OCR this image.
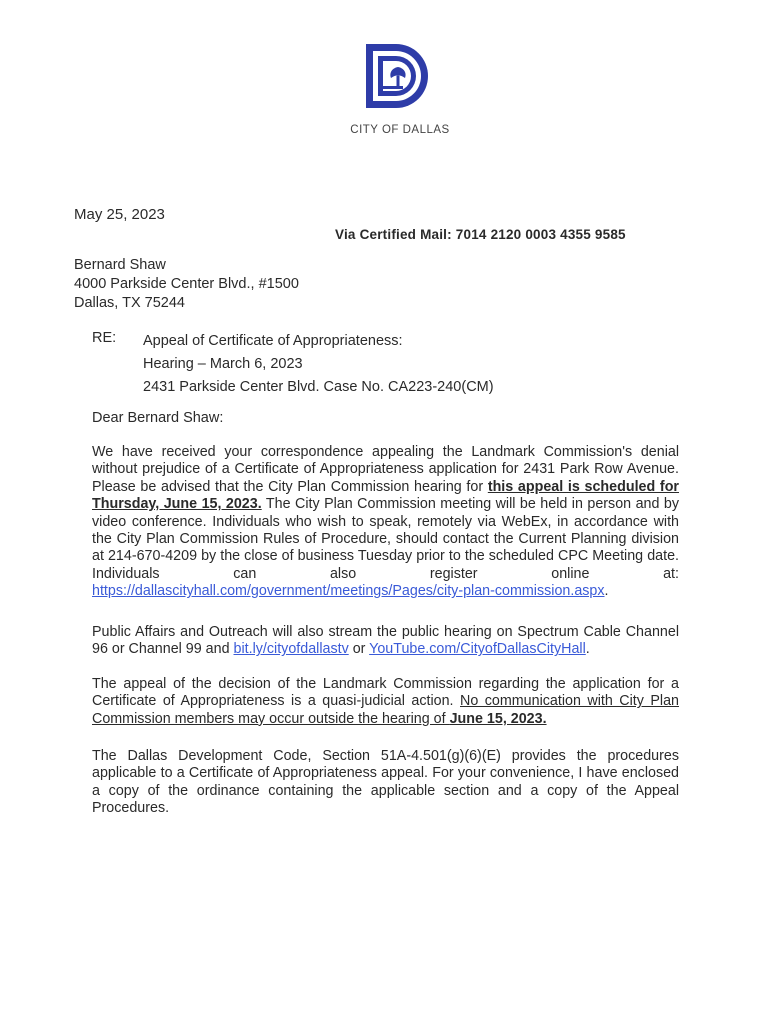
CITY OF DALLAS
May 25, 2023
Via Certified Mail: 7014 2120 0003 4355 9585
Bernard Shaw
4000 Parkside Center Blvd., #1500
Dallas, TX 75244
RE: Appeal of Certificate of Appropriateness:
Hearing – March 6, 2023
2431 Parkside Center Blvd. Case No. CA223-240(CM)
Dear Bernard Shaw:
We have received your correspondence appealing the Landmark Commission's denial without prejudice of a Certificate of Appropriateness application for 2431 Park Row Avenue. Please be advised that the City Plan Commission hearing for this appeal is scheduled for Thursday, June 15, 2023. The City Plan Commission meeting will be held in person and by video conference. Individuals who wish to speak, remotely via WebEx, in accordance with the City Plan Commission Rules of Procedure, should contact the Current Planning division at 214-670-4209 by the close of business Tuesday prior to the scheduled CPC Meeting date. Individuals can also register online at: https://dallascityhall.com/government/meetings/Pages/city-plan-commission.aspx.
Public Affairs and Outreach will also stream the public hearing on Spectrum Cable Channel 96 or Channel 99 and bit.ly/cityofdallastv or YouTube.com/CityofDallasCityHall.
The appeal of the decision of the Landmark Commission regarding the application for a Certificate of Appropriateness is a quasi-judicial action. No communication with City Plan Commission members may occur outside the hearing of June 15, 2023.
The Dallas Development Code, Section 51A-4.501(g)(6)(E) provides the procedures applicable to a Certificate of Appropriateness appeal. For your convenience, I have enclosed a copy of the ordinance containing the applicable section and a copy of the Appeal Procedures.
